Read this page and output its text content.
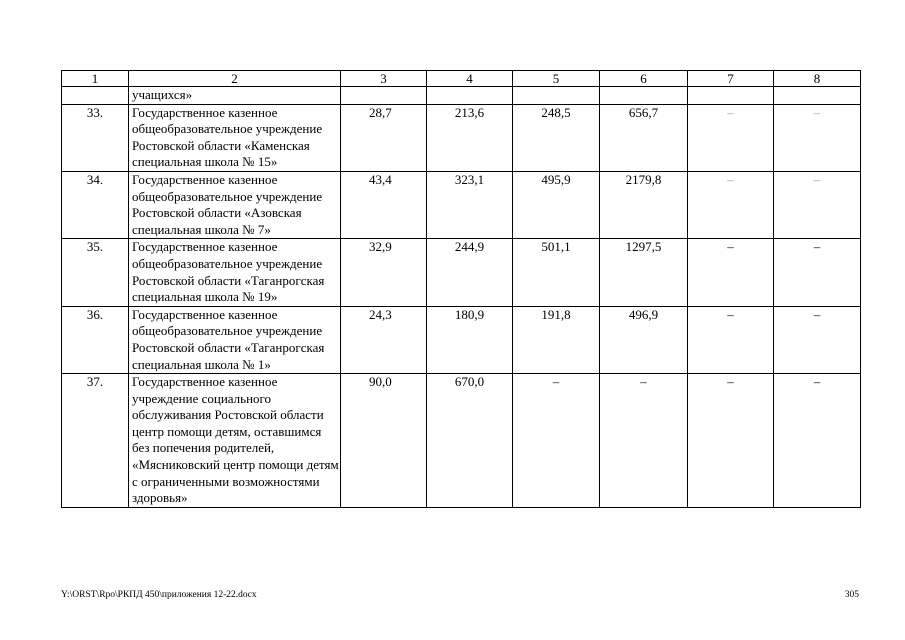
1	2	3	4	5	6	7	8
	учащихся»						
33.	Государственное казенное общеобразовательное учреждение Ростовской области «Каменская специальная школа № 15»	28,7	213,6	248,5	656,7	–	–
34.	Государственное казенное общеобразовательное учреждение Ростовской области «Азовская специальная школа № 7»	43,4	323,1	495,9	2179,8	–	–
35.	Государственное казенное общеобразовательное учреждение Ростовской области «Таганрогская специальная школа № 19»	32,9	244,9	501,1	1297,5	–	–
36.	Государственное казенное общеобразовательное учреждение Ростовской области «Таганрогская специальная школа № 1»	24,3	180,9	191,8	496,9	–	–
37.	Государственное казенное учреждение социального обслуживания Ростовской области центр помощи детям, оставшимся без попечения родителей, «Мясниковский центр помощи детям с ограниченными возможностями здоровья»	90,0	670,0	–	–	–	–
Y:\ORST\Rpo\РКПД 450\приложения 12-22.docx	305
